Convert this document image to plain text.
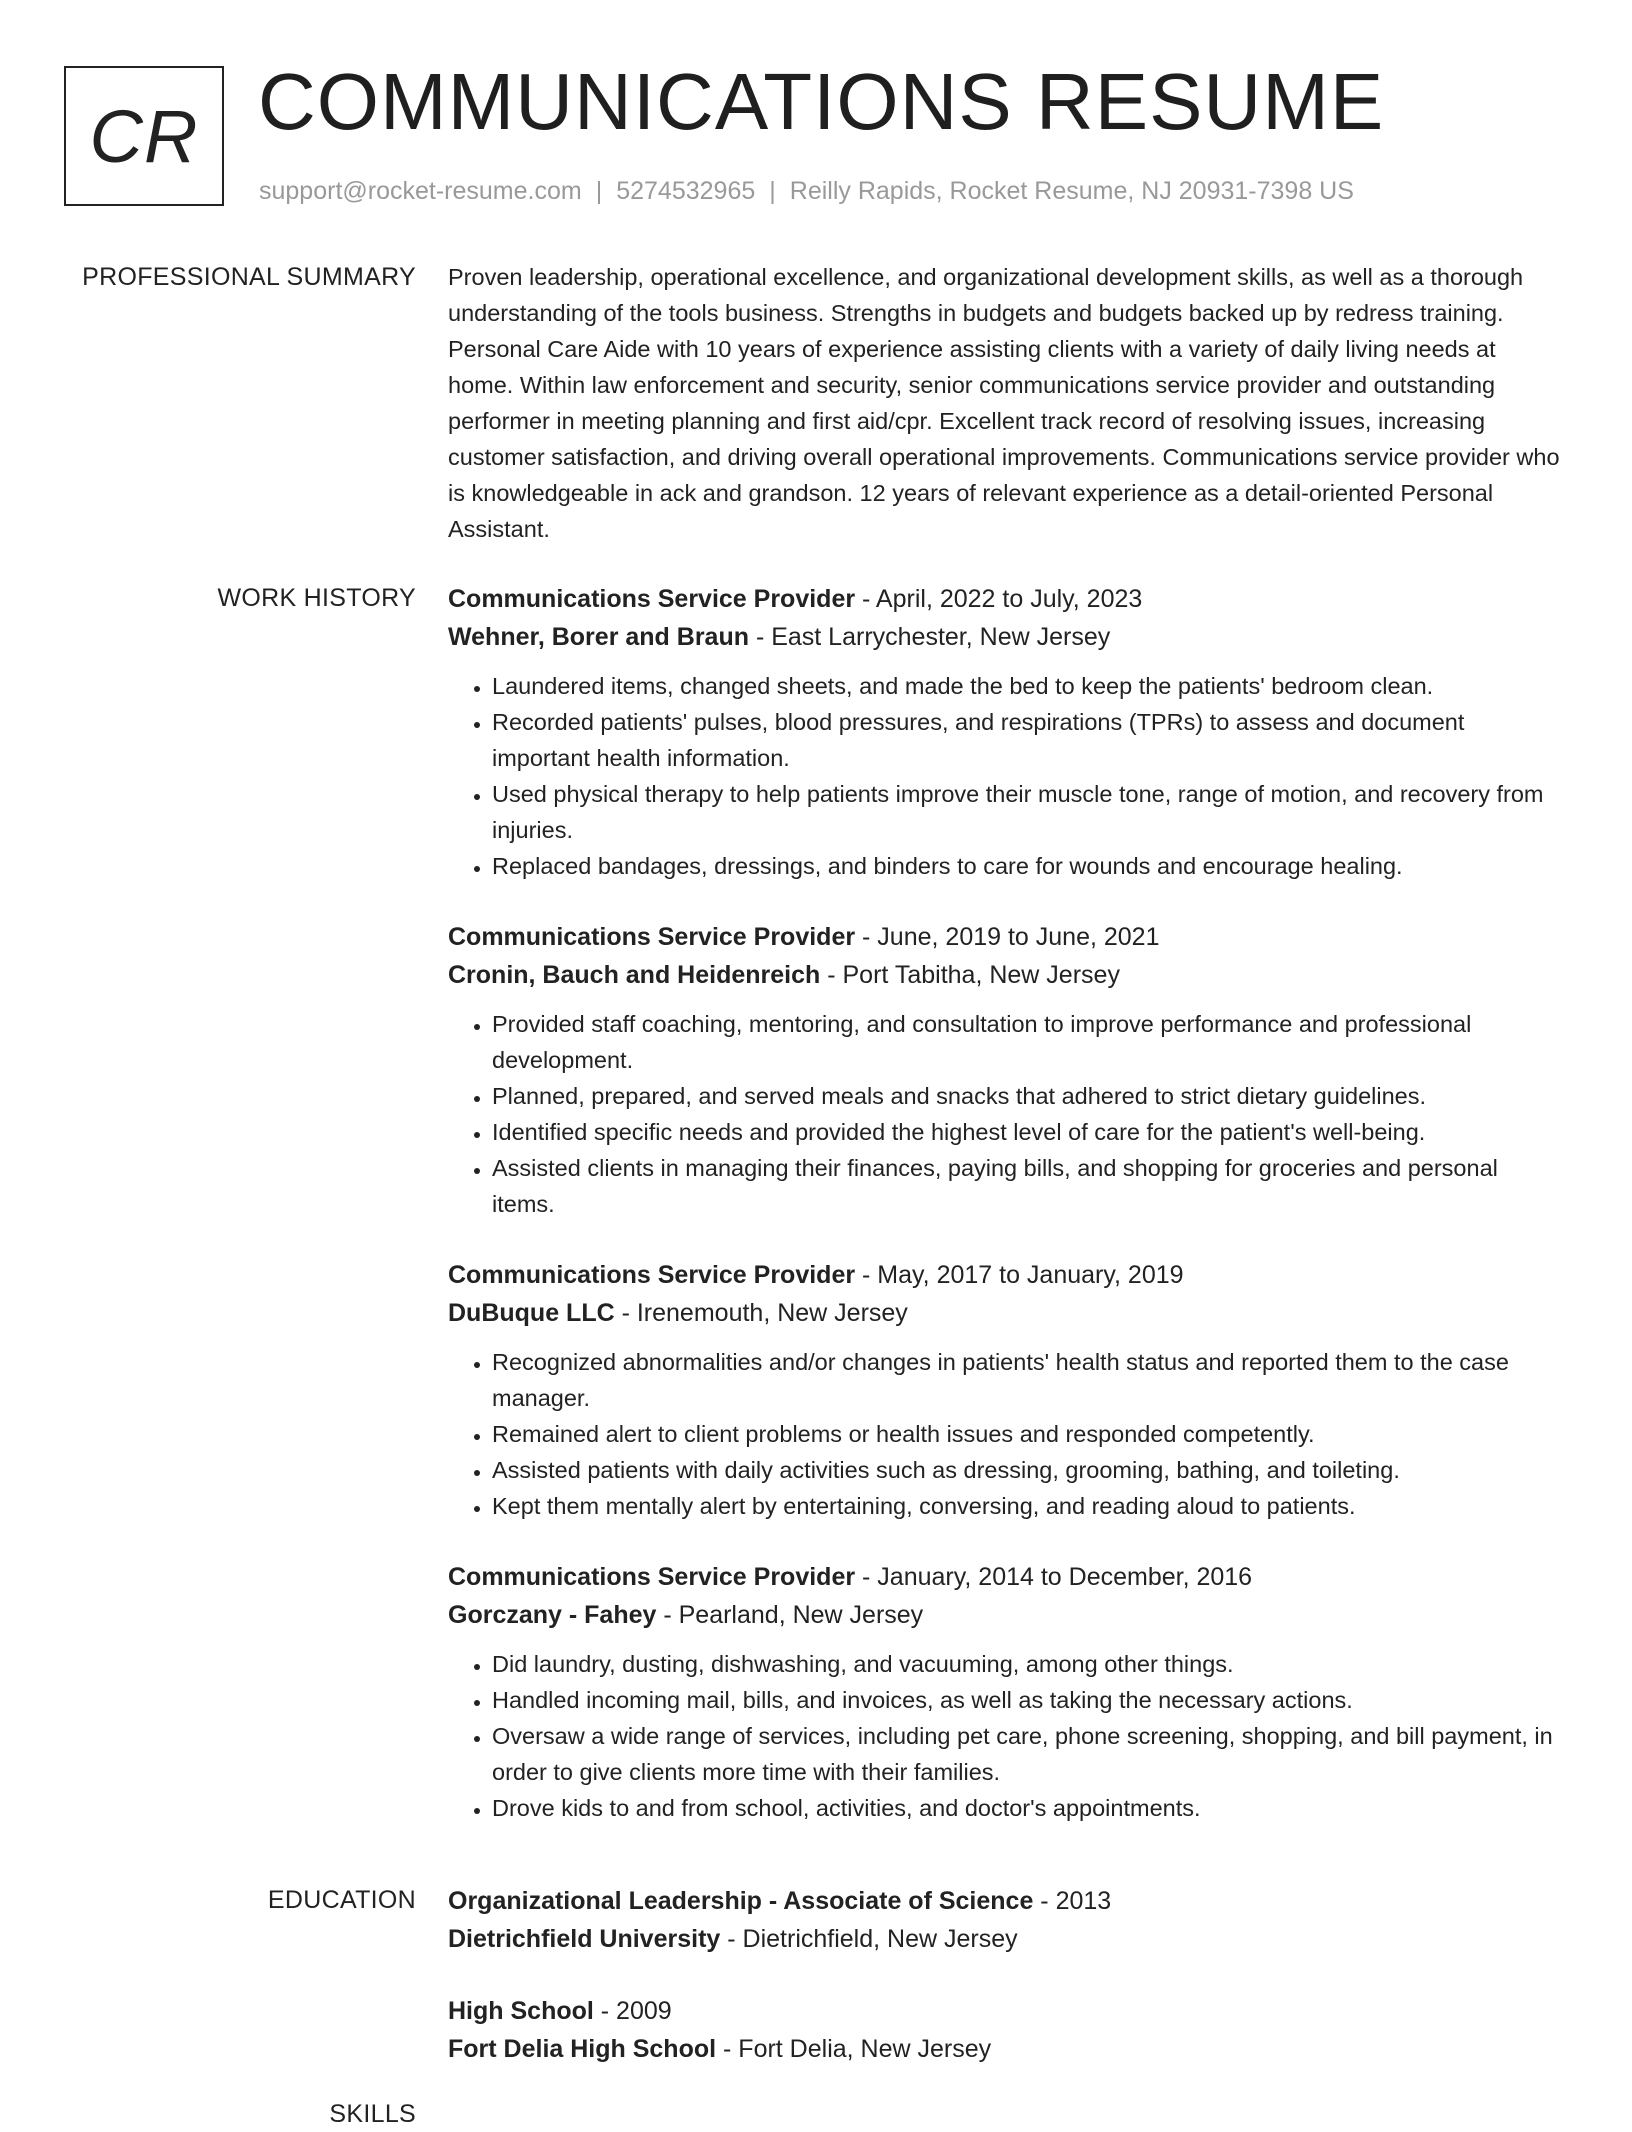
CR COMMUNICATIONS RESUME
support@rocket-resume.com | 5274532965 | Reilly Rapids, Rocket Resume, NJ 20931-7398 US
PROFESSIONAL SUMMARY Proven leadership, operational excellence, and organizational development skills, as well as a thorough understanding of the tools business. Strengths in budgets and budgets backed up by redress training. Personal Care Aide with 10 years of experience assisting clients with a variety of daily living needs at home. Within law enforcement and security, senior communications service provider and outstanding performer in meeting planning and first aid/cpr. Excellent track record of resolving issues, increasing customer satisfaction, and driving overall operational improvements. Communications service provider who is knowledgeable in ack and grandson. 12 years of relevant experience as a detail-oriented Personal Assistant.

WORK HISTORY Communications Service Provider - April, 2022 to July, 2023
Wehner, Borer and Braun - East Larrychester, New Jersey
• Laundered items, changed sheets, and made the bed to keep the patients' bedroom clean.
• Recorded patients' pulses, blood pressures, and respirations (TPRs) to assess and document important health information.
• Used physical therapy to help patients improve their muscle tone, range of motion, and recovery from injuries.
• Replaced bandages, dressings, and binders to care for wounds and encourage healing.
Communications Service Provider - June, 2019 to June, 2021
Cronin, Bauch and Heidenreich - Port Tabitha, New Jersey
• Provided staff coaching, mentoring, and consultation to improve performance and professional development.
• Planned, prepared, and served meals and snacks that adhered to strict dietary guidelines.
• Identified specific needs and provided the highest level of care for the patient's well-being.
• Assisted clients in managing their finances, paying bills, and shopping for groceries and personal items.
Communications Service Provider - May, 2017 to January, 2019
DuBuque LLC - Irenemouth, New Jersey
• Recognized abnormalities and/or changes in patients' health status and reported them to the case manager.
• Remained alert to client problems or health issues and responded competently.
• Assisted patients with daily activities such as dressing, grooming, bathing, and toileting.
• Kept them mentally alert by entertaining, conversing, and reading aloud to patients.
Communications Service Provider - January, 2014 to December, 2016
Gorczany - Fahey - Pearland, New Jersey
• Did laundry, dusting, dishwashing, and vacuuming, among other things.
• Handled incoming mail, bills, and invoices, as well as taking the necessary actions.
• Oversaw a wide range of services, including pet care, phone screening, shopping, and bill payment, in order to give clients more time with their families.
• Drove kids to and from school, activities, and doctor's appointments.
EDUCATION Organizational Leadership - Associate of Science - 2013
Dietrichfield University - Dietrichfield, New Jersey
High School - 2009
Fort Delia High School - Fort Delia, New Jersey
SKILLS
